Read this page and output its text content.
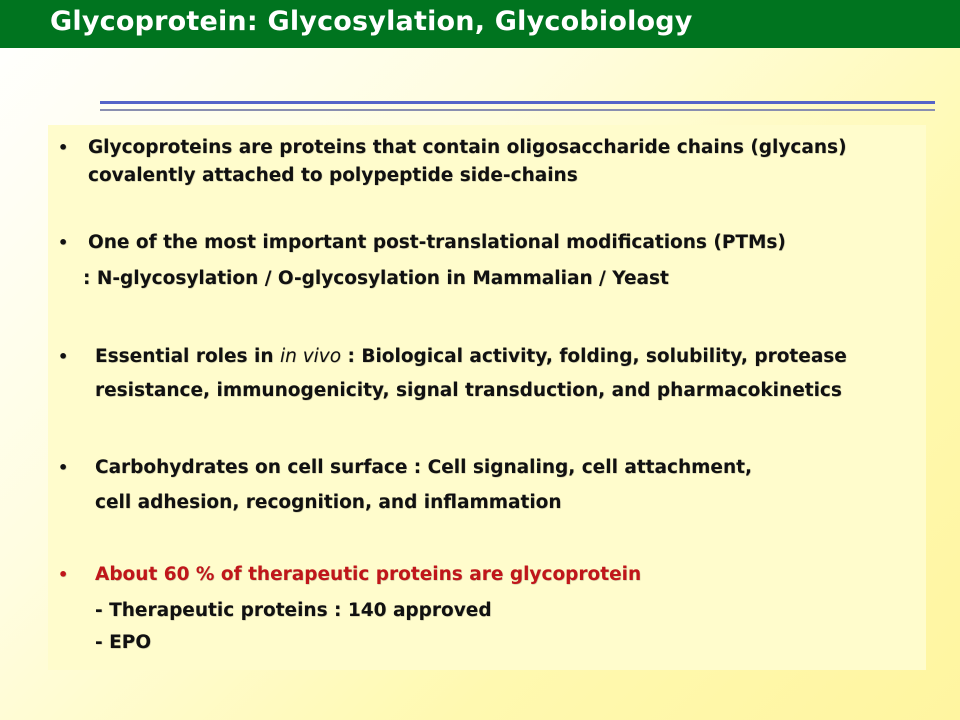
Glycoprotein: Glycosylation, Glycobiology
• Glycoproteins are proteins that contain oligosaccharide chains (glycans)
covalently attached to polypeptide side-chains
• One of the most important post-translational modifications (PTMs)
: N-glycosylation / O-glycosylation in Mammalian / Yeast
• Essential roles in in vivo : Biological activity, folding, solubility, protease
resistance, immunogenicity, signal transduction, and pharmacokinetics
• Carbohydrates on cell surface : Cell signaling, cell attachment,
cell adhesion, recognition, and inflammation
• About 60 % of therapeutic proteins are glycoprotein
- Therapeutic proteins : 140 approved
- EPO
